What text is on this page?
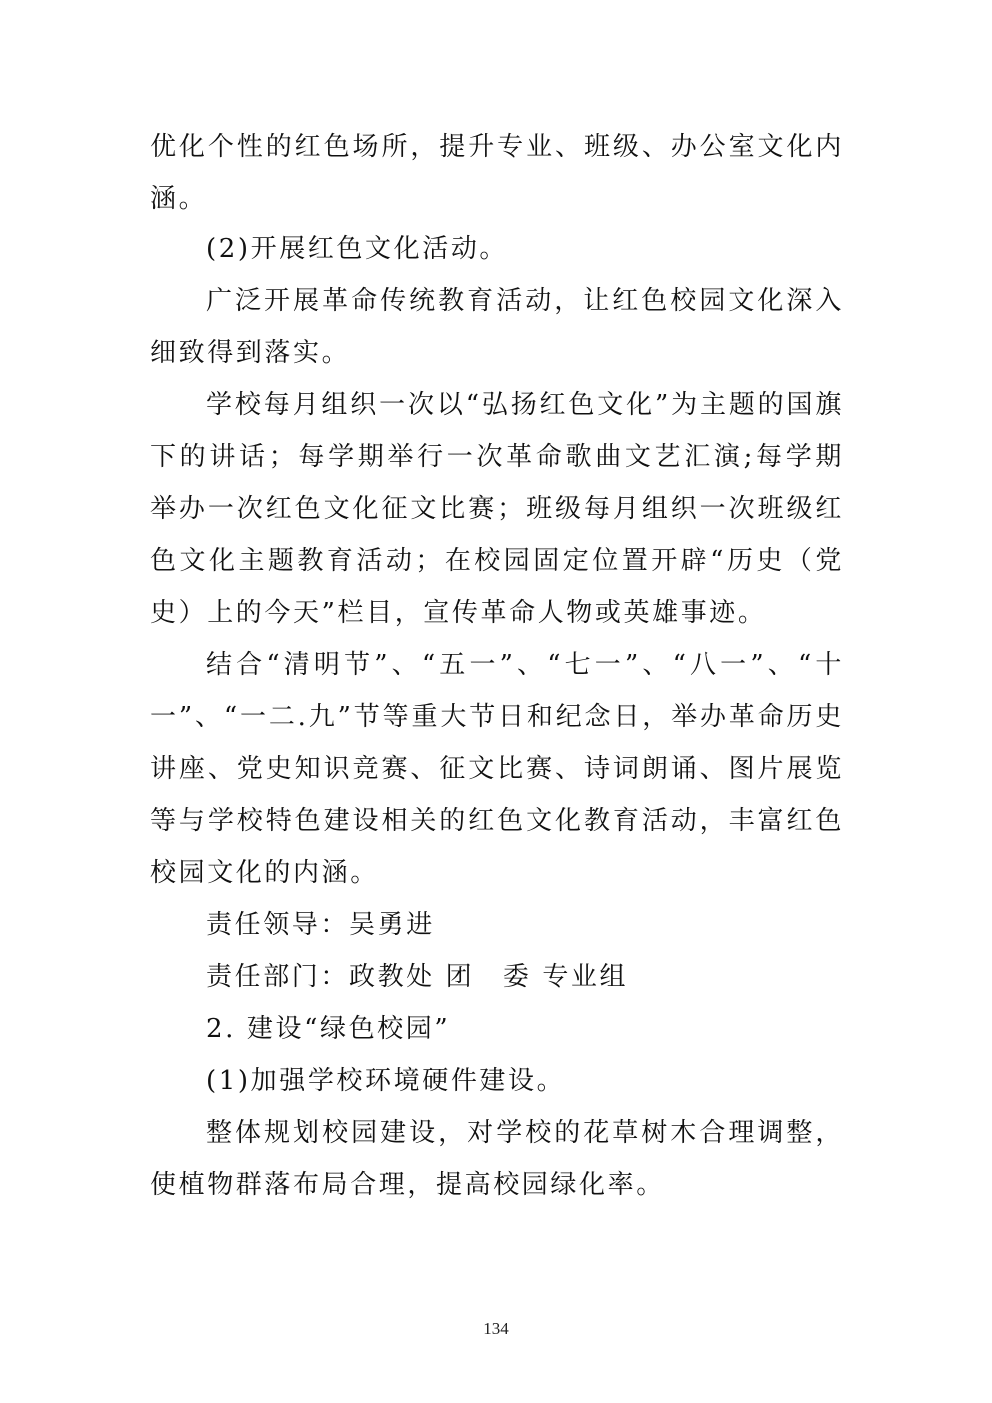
优化个性的红色场所，提升专业、班级、办公室文化内涵。

(2)开展红色文化活动。

广泛开展革命传统教育活动，让红色校园文化深入细致得到落实。

学校每月组织一次以“弘扬红色文化”为主题的国旗下的讲话；每学期举行一次革命歌曲文艺汇演;每学期举办一次红色文化征文比赛；班级每月组织一次班级红色文化主题教育活动；在校园固定位置开辟“历史（党史）上的今天”栏目，宣传革命人物或英雄事迹。

结合“清明节”、“五一”、“七一”、“八一”、“十一”、“一二.九”节等重大节日和纪念日，举办革命历史讲座、党史知识竞赛、征文比赛、诗词朗诵、图片展览等与学校特色建设相关的红色文化教育活动，丰富红色校园文化的内涵。

责任领导：吴勇进

责任部门：政教处 团　委 专业组

2. 建设“绿色校园”

(1)加强学校环境硬件建设。

整体规划校园建设，对学校的花草树木合理调整，使植物群落布局合理，提高校园绿化率。

134
